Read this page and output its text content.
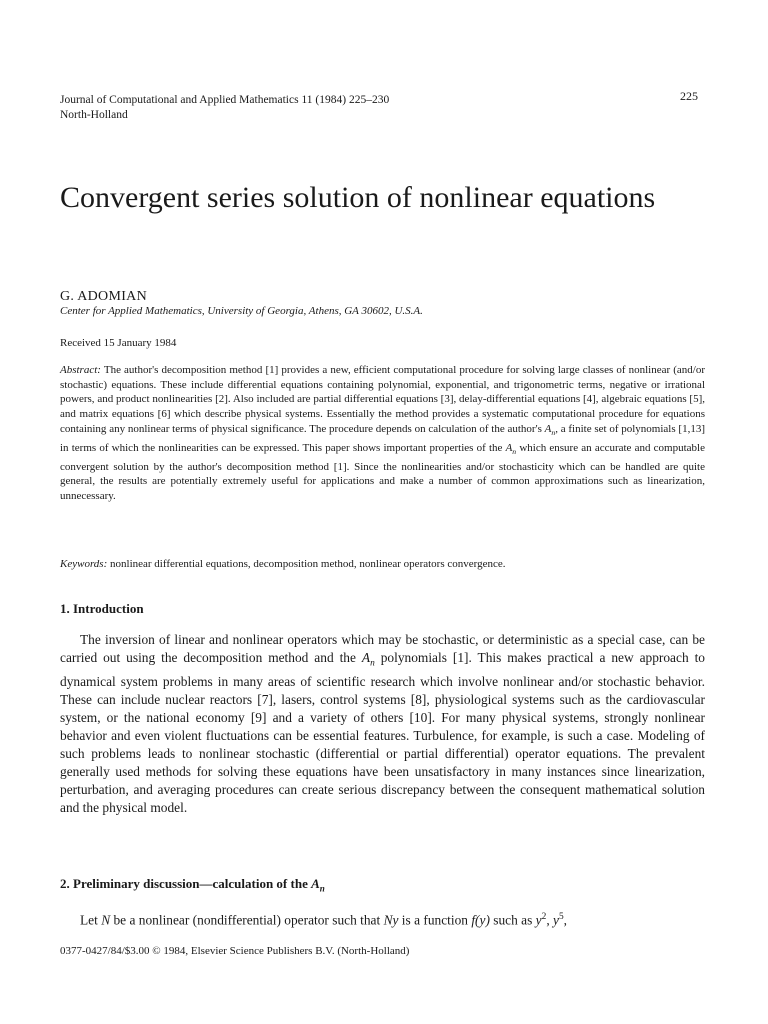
Journal of Computational and Applied Mathematics 11 (1984) 225–230
North-Holland
225
Convergent series solution of nonlinear equations
G. ADOMIAN
Center for Applied Mathematics, University of Georgia, Athens, GA 30602, U.S.A.
Received 15 January 1984

Abstract: The author's decomposition method [1] provides a new, efficient computational procedure for solving large classes of nonlinear (and/or stochastic) equations. These include differential equations containing polynomial, exponential, and trigonometric terms, negative or irrational powers, and product nonlinearities [2]. Also included are partial differential equations [3], delay-differential equations [4], algebraic equations [5], and matrix equations [6] which describe physical systems. Essentially the method provides a systematic computational procedure for equations containing any nonlinear terms of physical significance. The procedure depends on calculation of the author's $A_n$, a finite set of polynomials [1,13] in terms of which the nonlinearities can be expressed. This paper shows important properties of the $A_n$ which ensure an accurate and computable convergent solution by the author's decomposition method [1]. Since the nonlinearities and/or stochasticity which can be handled are quite general, the results are potentially extremely useful for applications and make a number of common approximations such as linearization, unnecessary.

Keywords: nonlinear differential equations, decomposition method, nonlinear operators convergence.
1. Introduction

The inversion of linear and nonlinear operators which may be stochastic, or deterministic as a special case, can be carried out using the decomposition method and the $A_n$ polynomials [1]. This makes practical a new approach to dynamical system problems in many areas of scientific research which involve nonlinear and/or stochastic behavior. These can include nuclear reactors [7], lasers, control systems [8], physiological systems such as the cardiovascular system, or the national economy [9] and a variety of others [10]. For many physical systems, strongly nonlinear behavior and even violent fluctuations can be essential features. Turbulence, for example, is such a case. Modeling of such problems leads to nonlinear stochastic (differential or partial differential) operator equations. The prevalent generally used methods for solving these equations have been unsatisfactory in many instances since linearization, perturbation, and averaging procedures can create serious discrepancy between the consequent mathematical solution and the physical model.

2. Preliminary discussion—calculation of the $A_n$

Let N be a nonlinear (nondifferential) operator such that Ny is a function f(y) such as $y^2$, $y^5$,

0377-0427/84/$3.00 © 1984, Elsevier Science Publishers B.V. (North-Holland)
